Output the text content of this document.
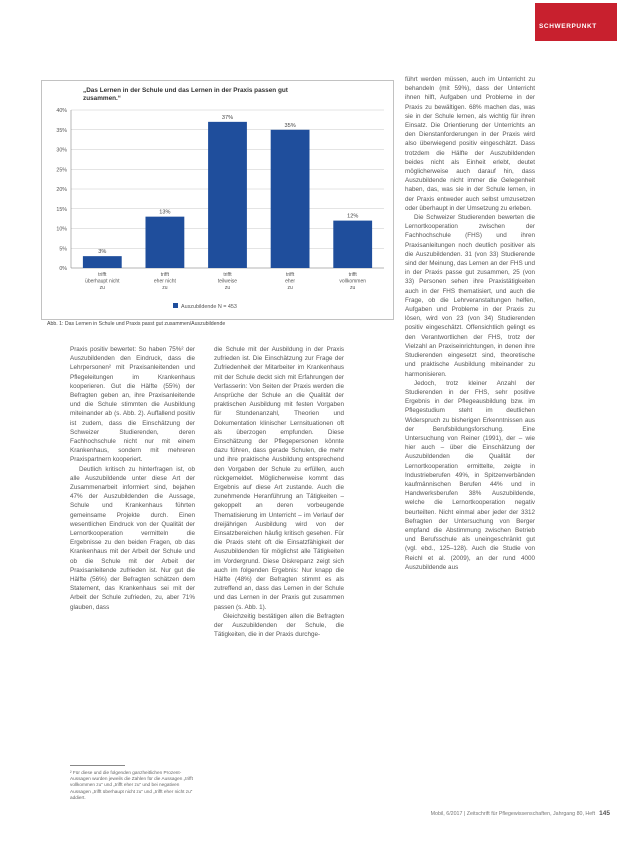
SCHWERPUNKT
„Das Lernen in der Schule und das Lernen in der Praxis passen gut zusammen.“
0%
5%
10%
15%
20%
25%
30%
35%
40%
3%
trifft
überhaupt nicht
zu
13%
trifft
eher nicht
zu
37%
trifft
teilweise
zu
35%
trifft
eher
zu
12%
trifft
vollkommen
zu
Auszubildende N = 453
Abb. 1: Das Lernen in Schule und Praxis passt gut zusammen/Auszubildende

Praxis positiv bewertet: So haben 75%² der Auszubildenden den Eindruck, dass die Lehrpersonen² mit Praxisanleitenden und Pflegeleitungen im Krankenhaus kooperieren. Gut die Hälfte (55%) der Befragten geben an, ihre Praxisanleitende und die Schule stimmten die Ausbildung miteinander ab (s. Abb. 2). Auffallend positiv ist zudem, dass die Einschätzung der Schweizer Studierenden, deren Fachhochschule nicht nur mit einem Krankenhaus, sondern mit mehreren Praxispartnern kooperiert.

Deutlich kritisch zu hinterfragen ist, ob alle Auszubildende unter diese Art der Zusammenarbeit informiert sind, bejahen 47% der Auszubildenden die Aussage, Schule und Krankenhaus führten gemeinsame Projekte durch. Einen wesentlichen Eindruck von der Qualität der Lernortkooperation vermitteln die Ergebnisse zu den beiden Fragen, ob das Krankenhaus mit der Arbeit der Schule und ob die Schule mit der Arbeit der Praxisanleitende zufrieden ist. Nur gut die Hälfte (56%) der Befragten schätzen dem Statement, das Krankenhaus sei mit der Arbeit der Schule zufrieden, zu, aber 71% glauben, dass

² Für diese und die folgenden ganzheitlichen Prozent-Aussagen wurden jeweils die Zahlen für die Aussagen „trifft vollkommen zu“ und „trifft eher zu“ und bei negativen Aussagen „trifft überhaupt nicht zu“ und „trifft eher nicht zu“ addiert.

die Schule mit der Ausbildung in der Praxis zufrieden ist. Die Einschätzung zur Frage der Zufriedenheit der Mitarbeiter im Krankenhaus mit der Schule deckt sich mit Erfahrungen der Verfasserin: Von Seiten der Praxis werden die Ansprüche der Schule an die Qualität der praktischen Ausbildung mit festen Vorgaben für Stundenanzahl, Theorien und Dokumentation klinischer Lernsituationen oft als überzogen empfunden. Diese Einschätzung der Pflegepersonen könnte dazu führen, dass gerade Schulen, die mehr und ihre praktische Ausbildung entsprechend den Vorgaben der Schule zu erfüllen, auch rückgemeldet. Möglicherweise kommt das Ergebnis auf diese Art zustande. Auch die zunehmende Heranführung an Tätigkeiten – gekoppelt an deren vorbeugende Thematisierung im Unterricht – im Verlauf der dreijährigen Ausbildung wird von der Einsatzbereichen häufig kritisch gesehen. Für die Praxis steht oft die Einsatzfähigkeit der Auszubildenden für möglichst alle Tätigkeiten im Vordergrund. Diese Diskrepanz zeigt sich auch im folgenden Ergebnis: Nur knapp die Hälfte (48%) der Befragten stimmt es als zutreffend an, dass das Lernen in der Schule und das Lernen in der Praxis gut zusammen passen (s. Abb. 1).

Gleichzeitig bestätigen allen die Befragten der Auszubildenden der Schule, die Tätigkeiten, die in der Praxis durchge-

führt werden müssen, auch im Unterricht zu behandeln (mit 59%), dass der Unterricht ihnen hilft, Aufgaben und Probleme in der Praxis zu bewältigen. 68% machen das, was sie in der Schule lernen, als wichtig für ihren Einsatz. Die Orientierung der Unterrichts an den Dienstanforderungen in der Praxis wird also überwiegend positiv eingeschätzt. Dass trotzdem die Hälfte der Auszubildenden beides nicht als Einheit erlebt, deutet möglicherweise auch darauf hin, dass Auszubildende nicht immer die Gelegenheit haben, das, was sie in der Schule lernen, in der Praxis entweder auch selbst umzusetzen oder überhaupt in der Umsetzung zu erleben.

Die Schweizer Studierenden bewerten die Lernortkooperation zwischen der Fachhochschule (FHS) und ihren Praxisanleitungen noch deutlich positiver als die Auszubildenden. 31 (von 33) Studierende sind der Meinung, das Lernen an der FHS und in der Praxis passe gut zusammen, 25 (von 33) Personen sehen ihre Praxistätigkeiten auch in der FHS thematisiert, und auch die Frage, ob die Lehrveranstaltungen helfen, Aufgaben und Probleme in der Praxis zu lösen, wird von 23 (von 34) Studierenden positiv eingeschätzt. Offensichtlich gelingt es den Verantwortlichen der FHS, trotz der Vielzahl an Praxiseinrichtungen, in denen ihre Studierenden eingesetzt sind, theoretische und praktische Ausbildung miteinander zu harmonisieren.

Jedoch, trotz kleiner Anzahl der Studierenden in der FHS, sehr positive Ergebnis in der Pflegeausbildung bzw. im Pflegestudium steht im deutlichen Widerspruch zu bisherigen Erkenntnissen aus der Berufsbildungsforschung. Eine Untersuchung von Reiner (1991), der – wie hier auch – über die Einschätzung der Auszubildenden die Qualität der Lernortkooperation ermittelte, zeigte in Industrieberufen 49%, in Spitzenverbänden kaufmännischen Berufen 44% und in Handwerksberufen 38% Auszubildende, welche die Lernortkooperation negativ beurteilten. Nicht einmal aber jeder der 3312 Befragten der Untersuchung von Berger empfand die Abstimmung zwischen Betrieb und Berufsschule als uneingeschränkt gut (vgl. ebd., 125–128). Auch die Studie von Reichl et al. (2009), an der rund 4000 Auszubildende aus

Mobil, 6/2017 | Zeitschrift für Pflegewissenschaften, Jahrgang 80, Heft 145
